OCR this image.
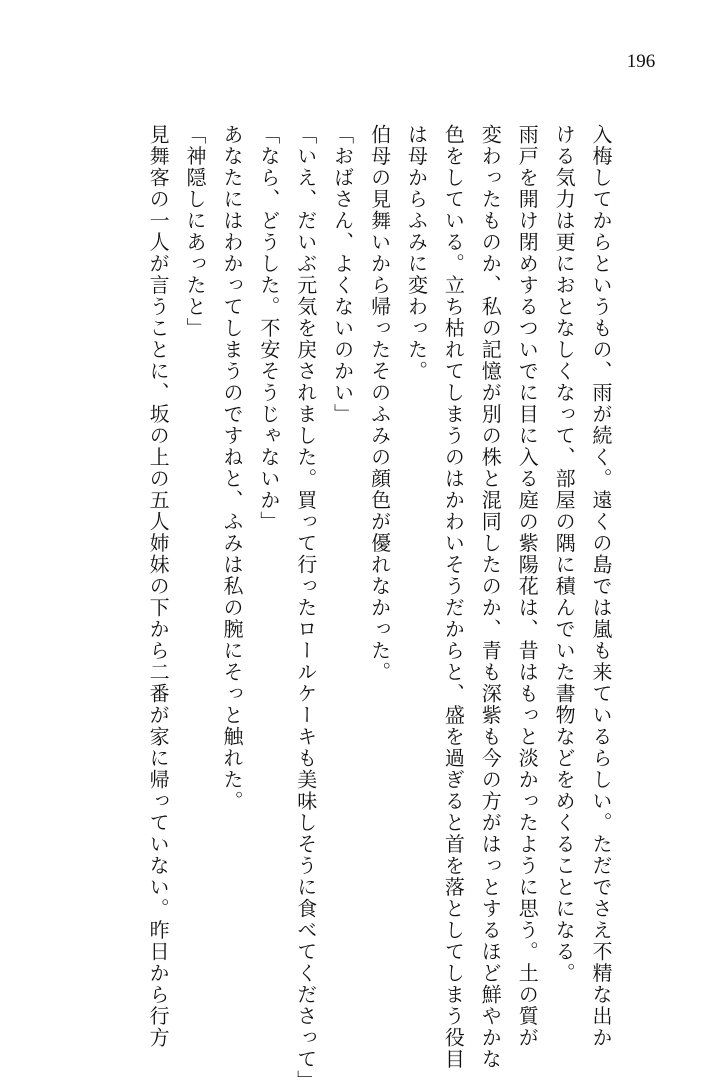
196
入梅してからというもの、雨が続く。遠くの島では嵐も来ているらしい。ただでさえ不精な出か
ける気力は更におとなしくなって、部屋の隅に積んでいた書物などをめくることになる。
雨戸を開け閉めするついでに目に入る庭の紫陽花は、昔はもっと淡かったように思う。土の質が
変わったものか、私の記憶が別の株と混同したのか、青も深紫も今の方がはっとするほど鮮やかな
色をしている。立ち枯れてしまうのはかわいそうだからと、盛を過ぎると首を落としてしまう役目
は母からふみに変わった。
伯母の見舞いから帰ったそのふみの顔色が優れなかった。
「おばさん、よくないのかい」
「いえ、だいぶ元気を戻されました。買って行ったロールケーキも美味しそうに食べてくださって」
「なら、どうした。不安そうじゃないか」
あなたにはわかってしまうのですねと、ふみは私の腕にそっと触れた。
「神隠しにあったと」
見舞客の一人が言うことに、坂の上の五人姉妹の下から二番が家に帰っていない。昨日から行方
